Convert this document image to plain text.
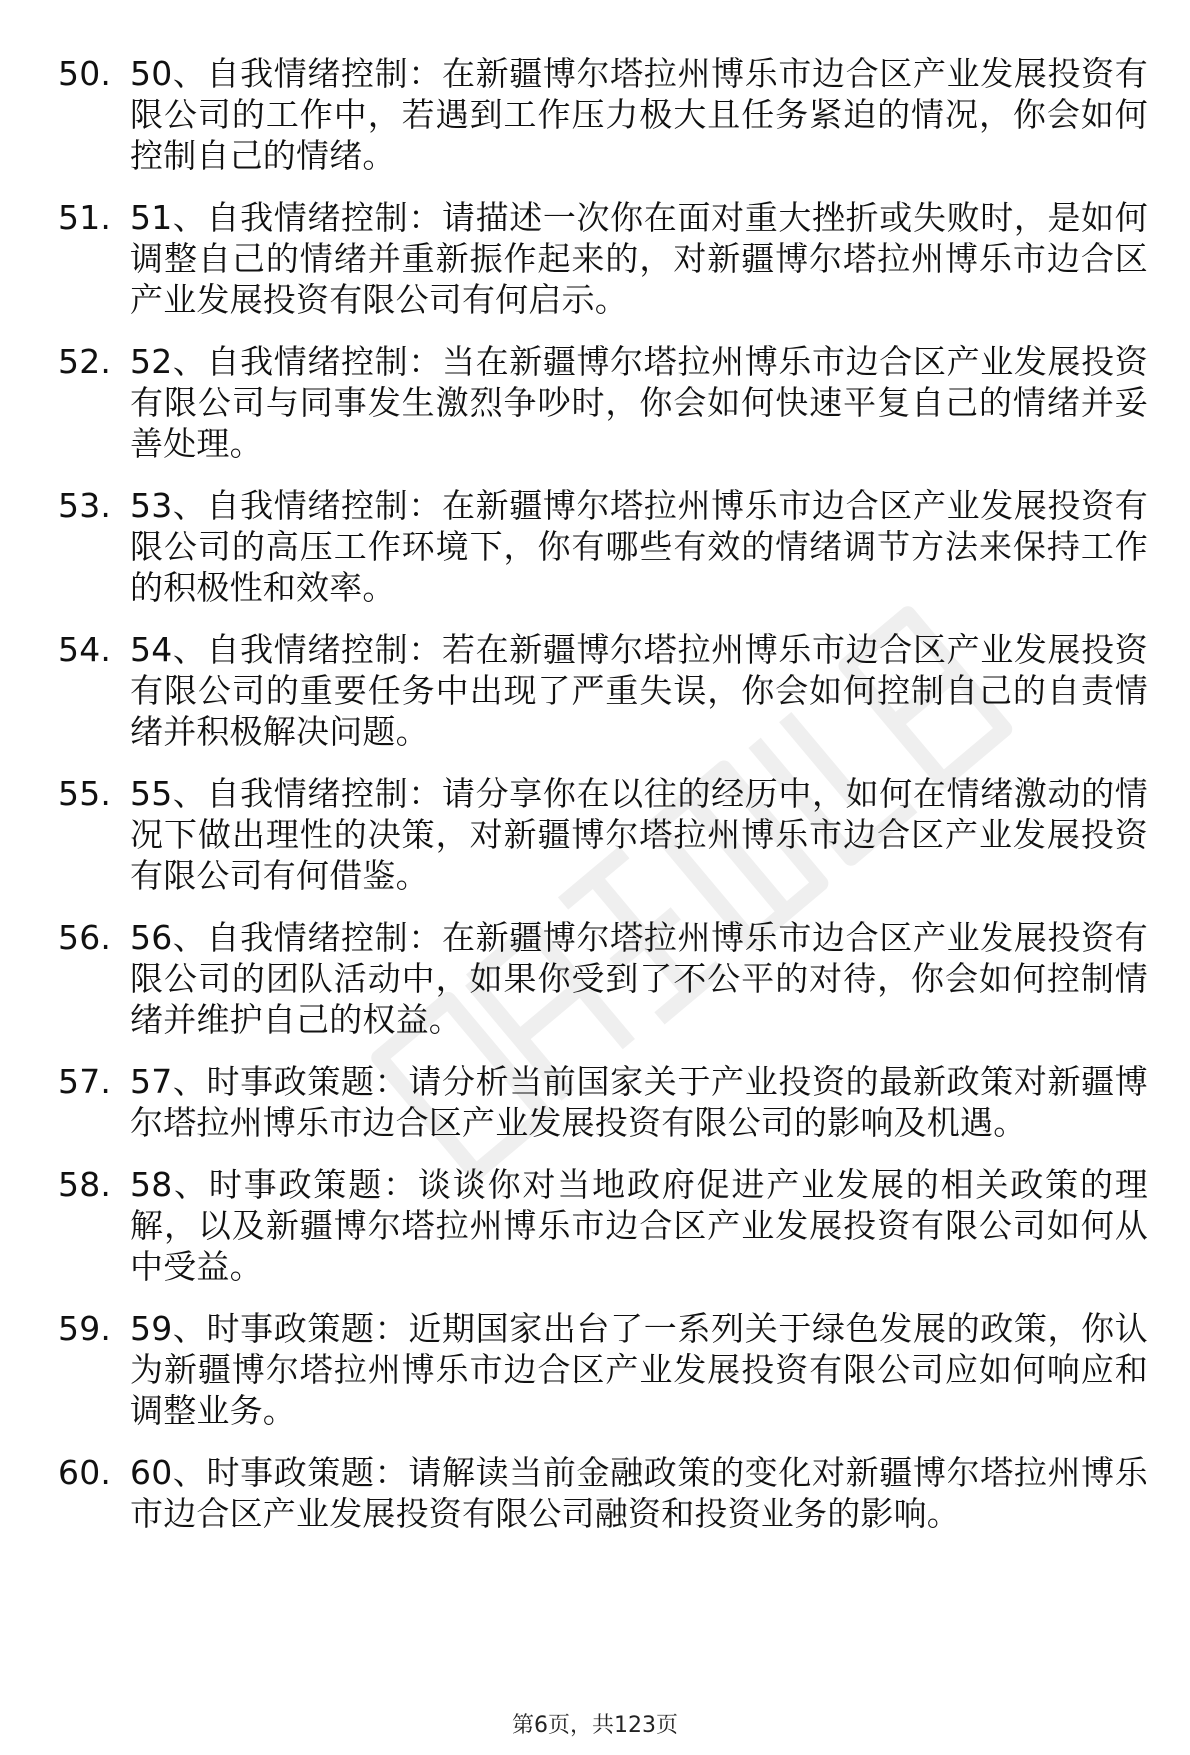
50. 50、自我情绪控制：在新疆博尔塔拉州博乐市边合区产业发展投资有限公司的工作中，若遇到工作压力极大且任务紧迫的情况，你会如何控制自己的情绪。
51. 51、自我情绪控制：请描述一次你在面对重大挫折或失败时，是如何调整自己的情绪并重新振作起来的，对新疆博尔塔拉州博乐市边合区产业发展投资有限公司有何启示。
52. 52、自我情绪控制：当在新疆博尔塔拉州博乐市边合区产业发展投资有限公司与同事发生激烈争吵时，你会如何快速平复自己的情绪并妥善处理。
53. 53、自我情绪控制：在新疆博尔塔拉州博乐市边合区产业发展投资有限公司的高压工作环境下，你有哪些有效的情绪调节方法来保持工作的积极性和效率。
54. 54、自我情绪控制：若在新疆博尔塔拉州博乐市边合区产业发展投资有限公司的重要任务中出现了严重失误，你会如何控制自己的自责情绪并积极解决问题。
55. 55、自我情绪控制：请分享你在以往的经历中，如何在情绪激动的情况下做出理性的决策，对新疆博尔塔拉州博乐市边合区产业发展投资有限公司有何借鉴。
56. 56、自我情绪控制：在新疆博尔塔拉州博乐市边合区产业发展投资有限公司的团队活动中，如果你受到了不公平的对待，你会如何控制情绪并维护自己的权益。
57. 57、时事政策题：请分析当前国家关于产业投资的最新政策对新疆博尔塔拉州博乐市边合区产业发展投资有限公司的影响及机遇。
58. 58、时事政策题：谈谈你对当地政府促进产业发展的相关政策的理解，以及新疆博尔塔拉州博乐市边合区产业发展投资有限公司如何从中受益。
59. 59、时事政策题：近期国家出台了一系列关于绿色发展的政策，你认为新疆博尔塔拉州博乐市边合区产业发展投资有限公司应如何响应和调整业务。
60. 60、时事政策题：请解读当前金融政策的变化对新疆博尔塔拉州博乐市边合区产业发展投资有限公司融资和投资业务的影响。
第6页，共123页
